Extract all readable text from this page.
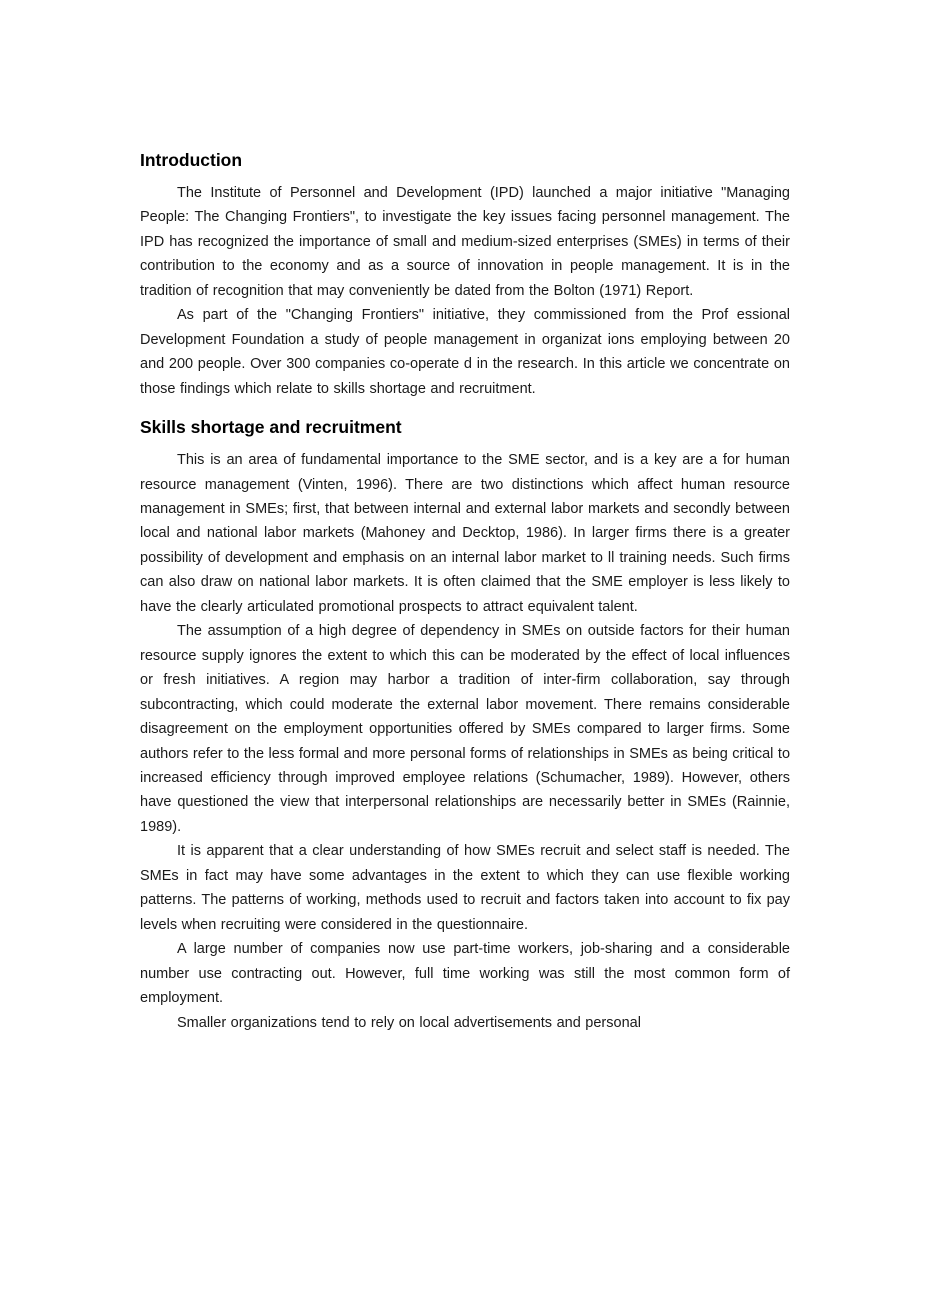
Introduction

The Institute of Personnel and Development (IPD) launched a major initiative "Managing People: The Changing Frontiers", to investigate the key issues facing personnel management. The IPD has recognized the importance of small and medium-sized enterprises (SMEs) in terms of their contribution to the economy and as a source of innovation in people management. It is in the tradition of recognition that may conveniently be dated from the Bolton (1971) Report.

As part of the "Changing Frontiers" initiative, they commissioned from the Prof essional Development Foundation a study of people management in organizat ions employing between 20 and 200 people. Over 300 companies co-operate d in the research. In this article we concentrate on those findings which relate to skills shortage and recruitment.

Skills shortage and recruitment

This is an area of fundamental importance to the SME sector, and is a key are a for human resource management (Vinten, 1996). There are two distinctions which affect human resource management in SMEs; first, that between internal and external labor markets and secondly between local and national labor markets (Mahoney and Decktop, 1986). In larger firms there is a greater possibility of development and emphasis on an internal labor market to ll training needs. Such firms can also draw on national labor markets. It is often claimed that the SME employer is less likely to have the clearly articulated promotional prospects to attract equivalent talent.

The assumption of a high degree of dependency in SMEs on outside factors for their human resource supply ignores the extent to which this can be moderated by the effect of local influences or fresh initiatives. A region may harbor a tradition of inter-firm collaboration, say through subcontracting, which could moderate the external labor movement. There remains considerable disagreement on the employment opportunities offered by SMEs compared to larger firms. Some authors refer to the less formal and more personal forms of relationships in SMEs as being critical to increased efficiency through improved employee relations (Schumacher, 1989). However, others have questioned the view that interpersonal relationships are necessarily better in SMEs (Rainnie, 1989).

It is apparent that a clear understanding of how SMEs recruit and select staff is needed. The SMEs in fact may have some advantages in the extent to which they can use flexible working patterns. The patterns of working, methods used to recruit and factors taken into account to fix pay levels when recruiting were considered in the questionnaire.

A large number of companies now use part-time workers, job-sharing and a considerable number use contracting out. However, full time working was still the most common form of employment.

Smaller organizations tend to rely on local advertisements and personal
